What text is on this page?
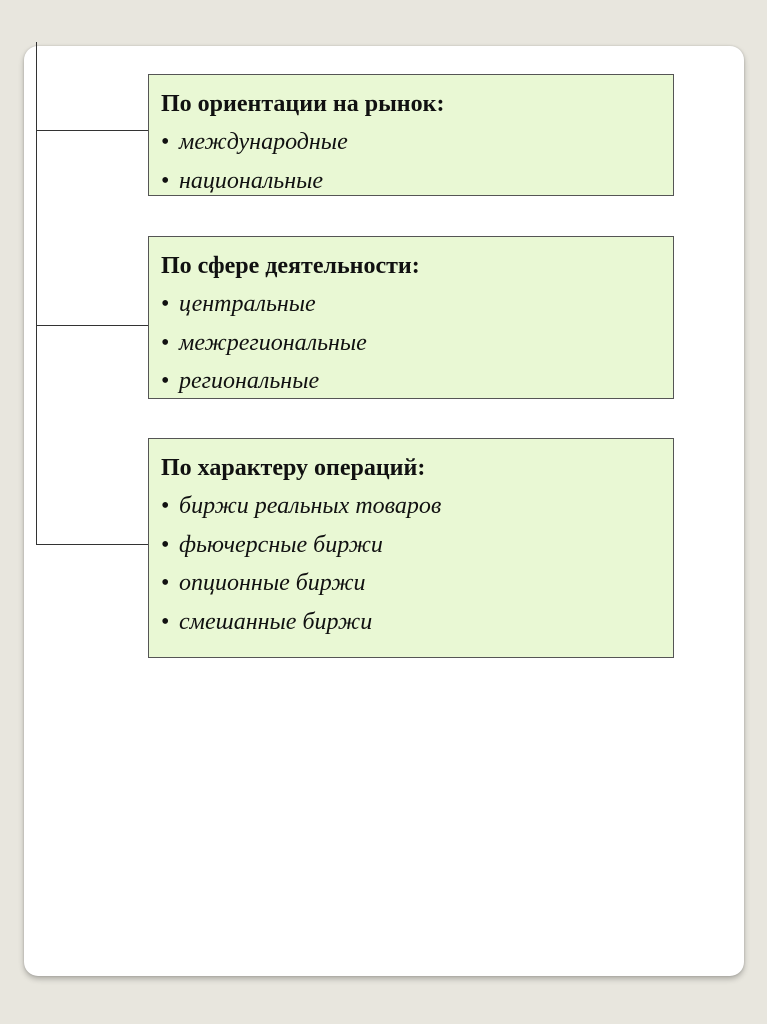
По ориентации на рынок:
• международные
• национальные
По сфере деятельности:
• центральные
• межрегиональные
• региональные
По характеру операций:
• биржи реальных товаров
• фьючерсные биржи
• опционные биржи
• смешанные биржи
